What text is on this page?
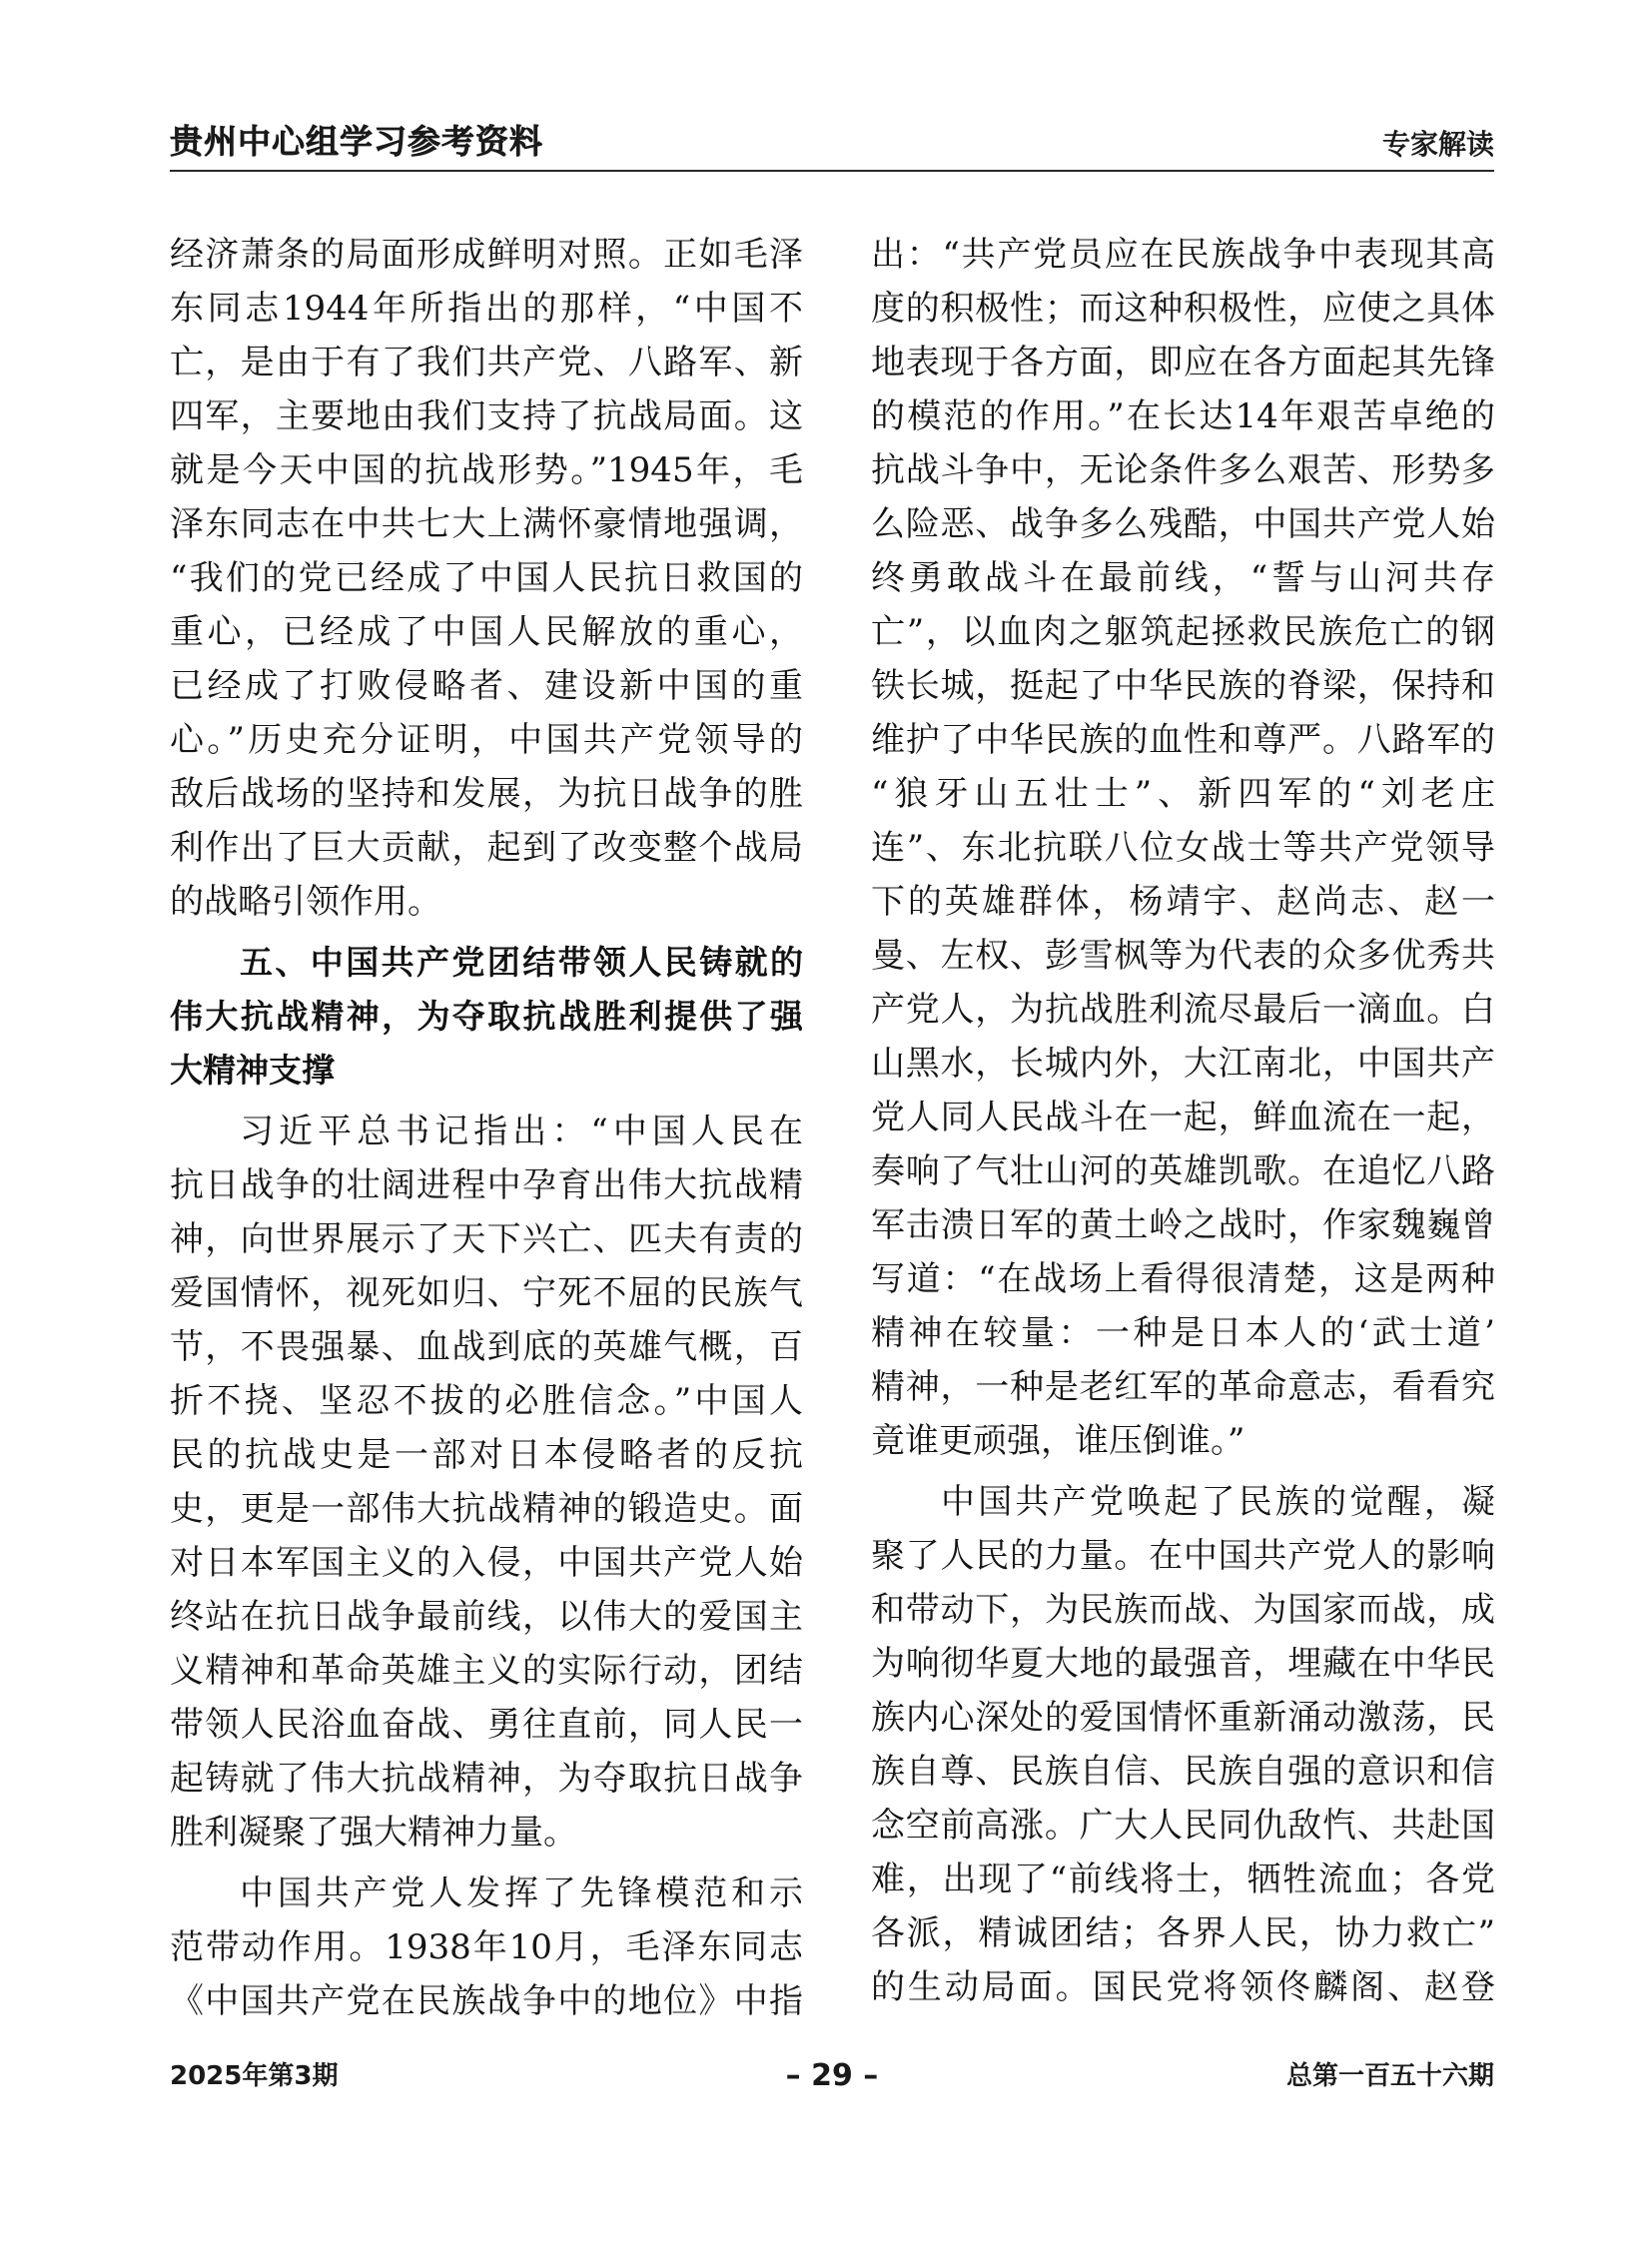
贵州中心组学习参考资料	专家解读
经济萧条的局面形成鲜明对照。正如毛泽
东同志1944年所指出的那样，“中国不
亡，是由于有了我们共产党、八路军、新
四军，主要地由我们支持了抗战局面。这
就是今天中国的抗战形势。”1945年，毛
泽东同志在中共七大上满怀豪情地强调，
“我们的党已经成了中国人民抗日救国的
重心，已经成了中国人民解放的重心，
已经成了打败侵略者、建设新中国的重
心。”历史充分证明，中国共产党领导的
敌后战场的坚持和发展，为抗日战争的胜
利作出了巨大贡献，起到了改变整个战局
的战略引领作用。
五、中国共产党团结带领人民铸就的
伟大抗战精神，为夺取抗战胜利提供了强
大精神支撑
习近平总书记指出：“中国人民在
抗日战争的壮阔进程中孕育出伟大抗战精
神，向世界展示了天下兴亡、匹夫有责的
爱国情怀，视死如归、宁死不屈的民族气
节，不畏强暴、血战到底的英雄气概，百
折不挠、坚忍不拔的必胜信念。”中国人
民的抗战史是一部对日本侵略者的反抗
史，更是一部伟大抗战精神的锻造史。面
对日本军国主义的入侵，中国共产党人始
终站在抗日战争最前线，以伟大的爱国主
义精神和革命英雄主义的实际行动，团结
带领人民浴血奋战、勇往直前，同人民一
起铸就了伟大抗战精神，为夺取抗日战争
胜利凝聚了强大精神力量。
中国共产党人发挥了先锋模范和示
范带动作用。1938年10月，毛泽东同志
《中国共产党在民族战争中的地位》中指
出：“共产党员应在民族战争中表现其高
度的积极性；而这种积极性，应使之具体
地表现于各方面，即应在各方面起其先锋
的模范的作用。”在长达14年艰苦卓绝的
抗战斗争中，无论条件多么艰苦、形势多
么险恶、战争多么残酷，中国共产党人始
终勇敢战斗在最前线，“誓与山河共存
亡”，以血肉之躯筑起拯救民族危亡的钢
铁长城，挺起了中华民族的脊梁，保持和
维护了中华民族的血性和尊严。八路军的
“狼牙山五壮士”、新四军的“刘老庄
连”、东北抗联八位女战士等共产党领导
下的英雄群体，杨靖宇、赵尚志、赵一
曼、左权、彭雪枫等为代表的众多优秀共
产党人，为抗战胜利流尽最后一滴血。白
山黑水，长城内外，大江南北，中国共产
党人同人民战斗在一起，鲜血流在一起，
奏响了气壮山河的英雄凯歌。在追忆八路
军击溃日军的黄土岭之战时，作家魏巍曾
写道：“在战场上看得很清楚，这是两种
精神在较量：一种是日本人的‘武士道’
精神，一种是老红军的革命意志，看看究
竟谁更顽强，谁压倒谁。”
中国共产党唤起了民族的觉醒，凝
聚了人民的力量。在中国共产党人的影响
和带动下，为民族而战、为国家而战，成
为响彻华夏大地的最强音，埋藏在中华民
族内心深处的爱国情怀重新涌动激荡，民
族自尊、民族自信、民族自强的意识和信
念空前高涨。广大人民同仇敌忾、共赴国
难，出现了“前线将士，牺牲流血；各党
各派，精诚团结；各界人民，协力救亡”
的生动局面。国民党将领佟麟阁、赵登
2025年第3期	– 29 –	总第一百五十六期
